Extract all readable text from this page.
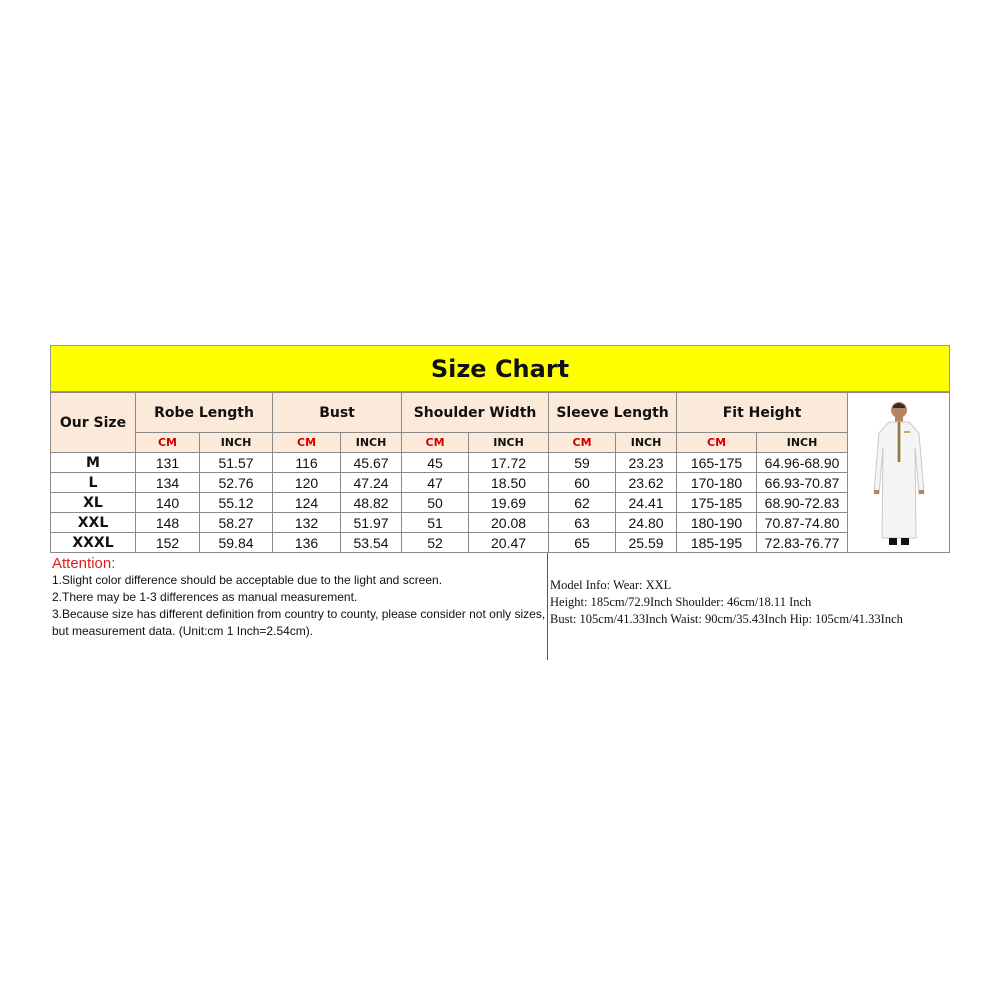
Size Chart
Our Size	Robe Length		Bust		Shoulder Width		Sleeve Length		Fit Height	
	CM	INCH	CM	INCH	CM	INCH	CM	INCH	CM	INCH
M	131	51.57	116	45.67	45	17.72	59	23.23	165-175	64.96-68.90
L	134	52.76	120	47.24	47	18.50	60	23.62	170-180	66.93-70.87
XL	140	55.12	124	48.82	50	19.69	62	24.41	175-185	68.90-72.83
XXL	148	58.27	132	51.97	51	20.08	63	24.80	180-190	70.87-74.80
XXXL	152	59.84	136	53.54	52	20.47	65	25.59	185-195	72.83-76.77
Attention:
1.Slight color difference should be acceptable due to the light and screen.
2.There may be 1-3 differences as manual measurement.
3.Because size has different definition from country to county, please consider not only sizes, but measurement data. (Unit:cm 1 Inch=2.54cm).
Model Info: Wear: XXL
Height: 185cm/72.9Inch Shoulder: 46cm/18.11 Inch
Bust: 105cm/41.33Inch Waist: 90cm/35.43Inch Hip: 105cm/41.33Inch
